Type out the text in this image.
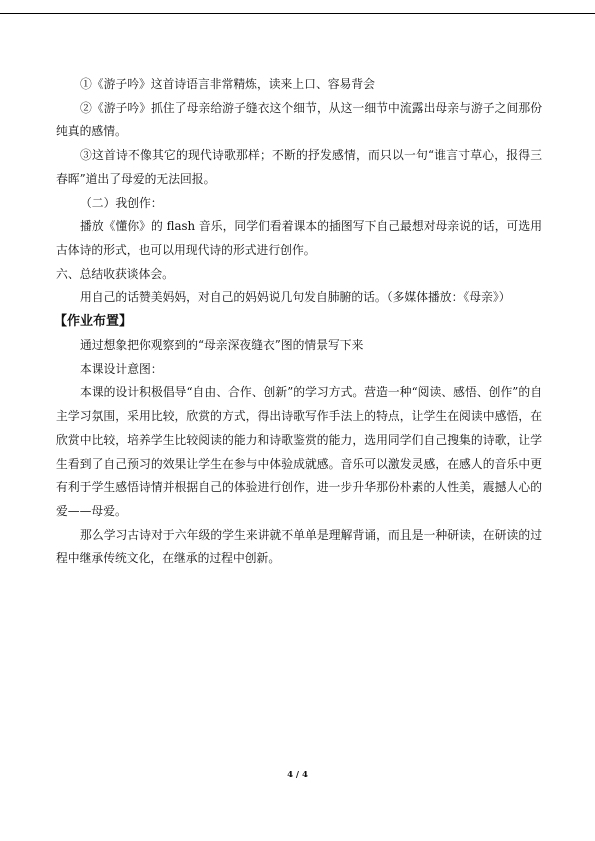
①《游子吟》这首诗语言非常精炼，读来上口、容易背会

②《游子吟》抓住了母亲给游子缝衣这个细节，从这一细节中流露出母亲与游子之间那份纯真的感情。

③这首诗不像其它的现代诗歌那样；不断的抒发感情，而只以一句“谁言寸草心，报得三春晖”道出了母爱的无法回报。

（二）我创作：

播放《懂你》的 flash 音乐，同学们看着课本的插图写下自己最想对母亲说的话，可选用古体诗的形式，也可以用现代诗的形式进行创作。

六、总结收获谈体会。

用自己的话赞美妈妈，对自己的妈妈说几句发自肺腑的话。（多媒体播放：《母亲》）

【作业布置】

通过想象把你观察到的“母亲深夜缝衣”图的情景写下来

本课设计意图：

本课的设计积极倡导“自由、合作、创新”的学习方式。营造一种“阅读、感悟、创作”的自主学习氛围，采用比较，欣赏的方式，得出诗歌写作手法上的特点，让学生在阅读中感悟，在欣赏中比较，培养学生比较阅读的能力和诗歌鉴赏的能力，选用同学们自己搜集的诗歌，让学生看到了自己预习的效果让学生在参与中体验成就感。音乐可以激发灵感，在感人的音乐中更有利于学生感悟诗情并根据自己的体验进行创作，进一步升华那份朴素的人性美，震撼人心的爱——母爱。

那么学习古诗对于六年级的学生来讲就不单单是理解背诵，而且是一种研读，在研读的过程中继承传统文化，在继承的过程中创新。

4 / 4
